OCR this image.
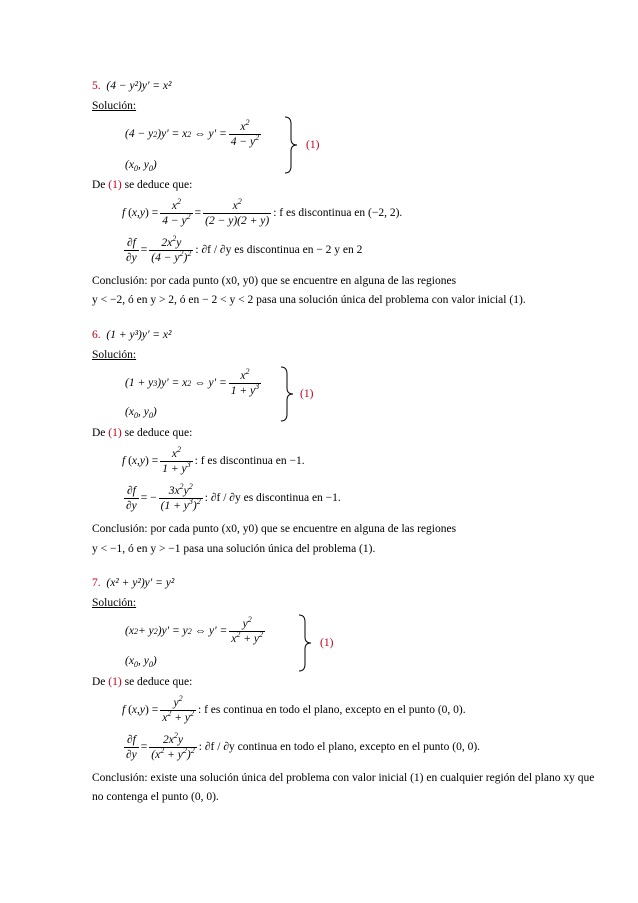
5. (4 − y²)y' = x²
Solución:
(4 − y 2 )y' = x 2 ⇔ y' =
$x^2$
$4 - y^2$
($x_0$, $y_0$)
(1)
De (1) se deduce que:
f ( x , y ) =
$x^2$
$4 - y^2$ =
$x^2$
(2 − y)(2 + y)
: f es discontinua en (−2, 2).
∂f
∂y
=
$2x^2y$
$(4 - y^2)^2$ : ∂f / ∂y es discontinua en − 2 y en 2
Conclusión: por cada punto (x0, y0) que se encuentre en alguna de las regiones
y < −2, ó en y > 2, ó en − 2 < y < 2 pasa una solución única del problema con valor inicial (1).
6. (1 + y³)y' = x²
Solución:
(1 + y 3 )y' = x 2 ⇔ y' =
$x^2$
$1 + y^3$
($x_0$, $y_0$)
(1)
De (1) se deduce que:
f ( x , y ) =
$x^2$
$1 + y^3$ : f es discontinua en −1.
∂f
∂y
= −
$3x^2y^2$
$(1 + y^3)^2$ : ∂f / ∂y es discontinua en −1.
Conclusión: por cada punto (x0, y0) que se encuentre en alguna de las regiones
y < −1, ó en y > −1 pasa una solución única del problema (1).
7. (x² + y²)y' = y²
Solución:
(x 2 + y 2 )y' = y 2 ⇔ y' =
$y^2$
$x^2 + y^2$
($x_0$, $y_0$)
(1)
De (1) se deduce que:
f ( x , y ) =
$y^2$
$x^2 + y^2$ : f es continua en todo el plano, excepto en el punto (0, 0).
∂f
∂y
=
$2x^2y$
$(x^2 + y^2)^2$ : ∂f / ∂y continua en todo el plano, excepto en el punto (0, 0).
Conclusión: existe una solución única del problema con valor inicial (1) en cualquier región del plano xy que
no contenga el punto (0, 0).
